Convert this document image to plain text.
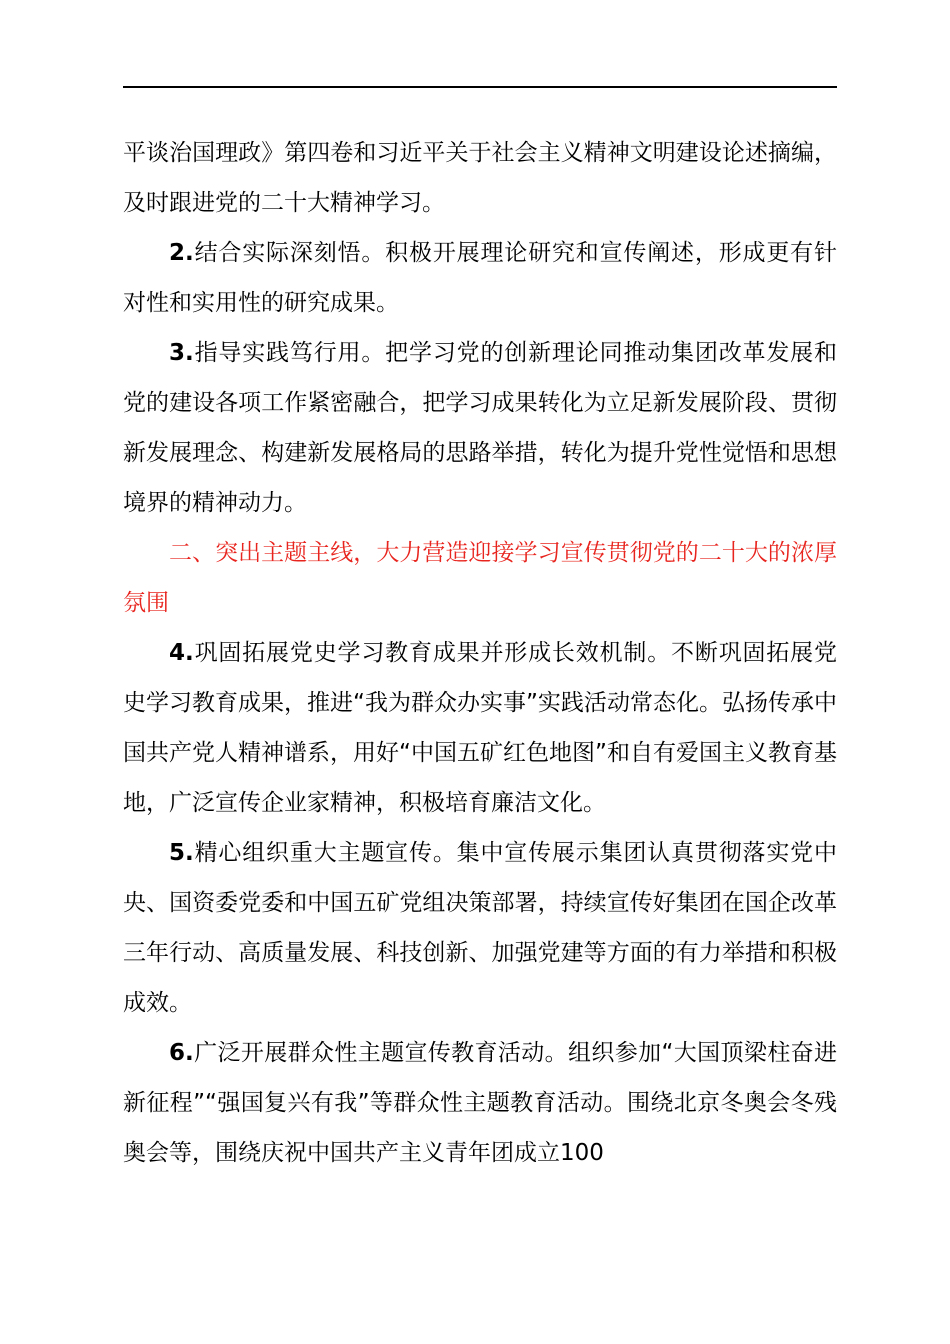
平谈治国理政》第四卷和习近平关于社会主义精神文明建设论述摘编，及时跟进党的二十大精神学习。

2.结合实际深刻悟。积极开展理论研究和宣传阐述，形成更有针对性和实用性的研究成果。

3.指导实践笃行用。把学习党的创新理论同推动集团改革发展和党的建设各项工作紧密融合，把学习成果转化为立足新发展阶段、贯彻新发展理念、构建新发展格局的思路举措，转化为提升党性觉悟和思想境界的精神动力。

二、突出主题主线，大力营造迎接学习宣传贯彻党的二十大的浓厚氛围

4.巩固拓展党史学习教育成果并形成长效机制。不断巩固拓展党史学习教育成果，推进“我为群众办实事”实践活动常态化。弘扬传承中国共产党人精神谱系，用好“中国五矿红色地图”和自有爱国主义教育基地，广泛宣传企业家精神，积极培育廉洁文化。

5.精心组织重大主题宣传。集中宣传展示集团认真贯彻落实党中央、国资委党委和中国五矿党组决策部署，持续宣传好集团在国企改革三年行动、高质量发展、科技创新、加强党建等方面的有力举措和积极成效。

6.广泛开展群众性主题宣传教育活动。组织参加“大国顶梁柱奋进新征程”“强国复兴有我”等群众性主题教育活动。围绕北京冬奥会冬残奥会等，围绕庆祝中国共产主义青年团成立100
